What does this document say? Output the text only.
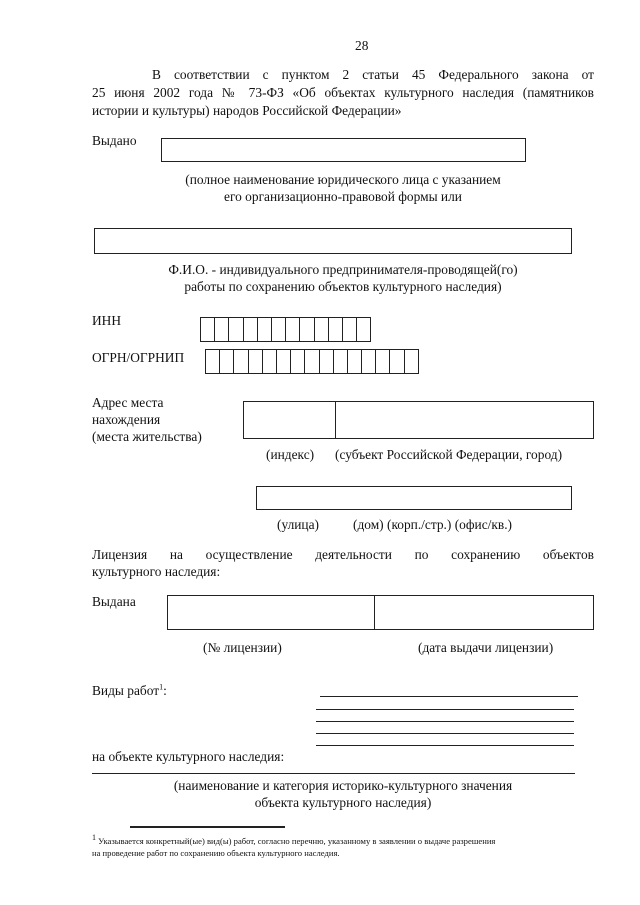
28
В соответствии с пунктом 2 статьи 45 Федерального закона от
25 июня 2002 года № 73-ФЗ «Об объектах культурного наследия (памятников
истории и культуры) народов Российской Федерации»
Выдано
(полное наименование юридического лица с указанием
его организационно-правовой формы или
Ф.И.О. - индивидуального предпринимателя-проводящей(го)
работы по сохранению объектов культурного наследия)
ИНН
ОГРН/ОГРНИП
Адрес места
нахождения
(места жительства)
(индекс) (субъект Российской Федерации, город)
(улица)	(дом) (корп./стр.) (офис/кв.)
Лицензия на осуществление деятельности по сохранению объектов
культурного наследия:
Выдана
(№ лицензии)	(дата выдачи лицензии)
Виды работ$^1$:
на объекте культурного наследия:
(наименование и категория историко-культурного значения
объекта культурного наследия)
$^1$ Указывается конкретный(ые) вид(ы) работ, согласно перечню, указанному в заявлении о выдаче разрешения
на проведение работ по сохранению объекта культурного наследия.
